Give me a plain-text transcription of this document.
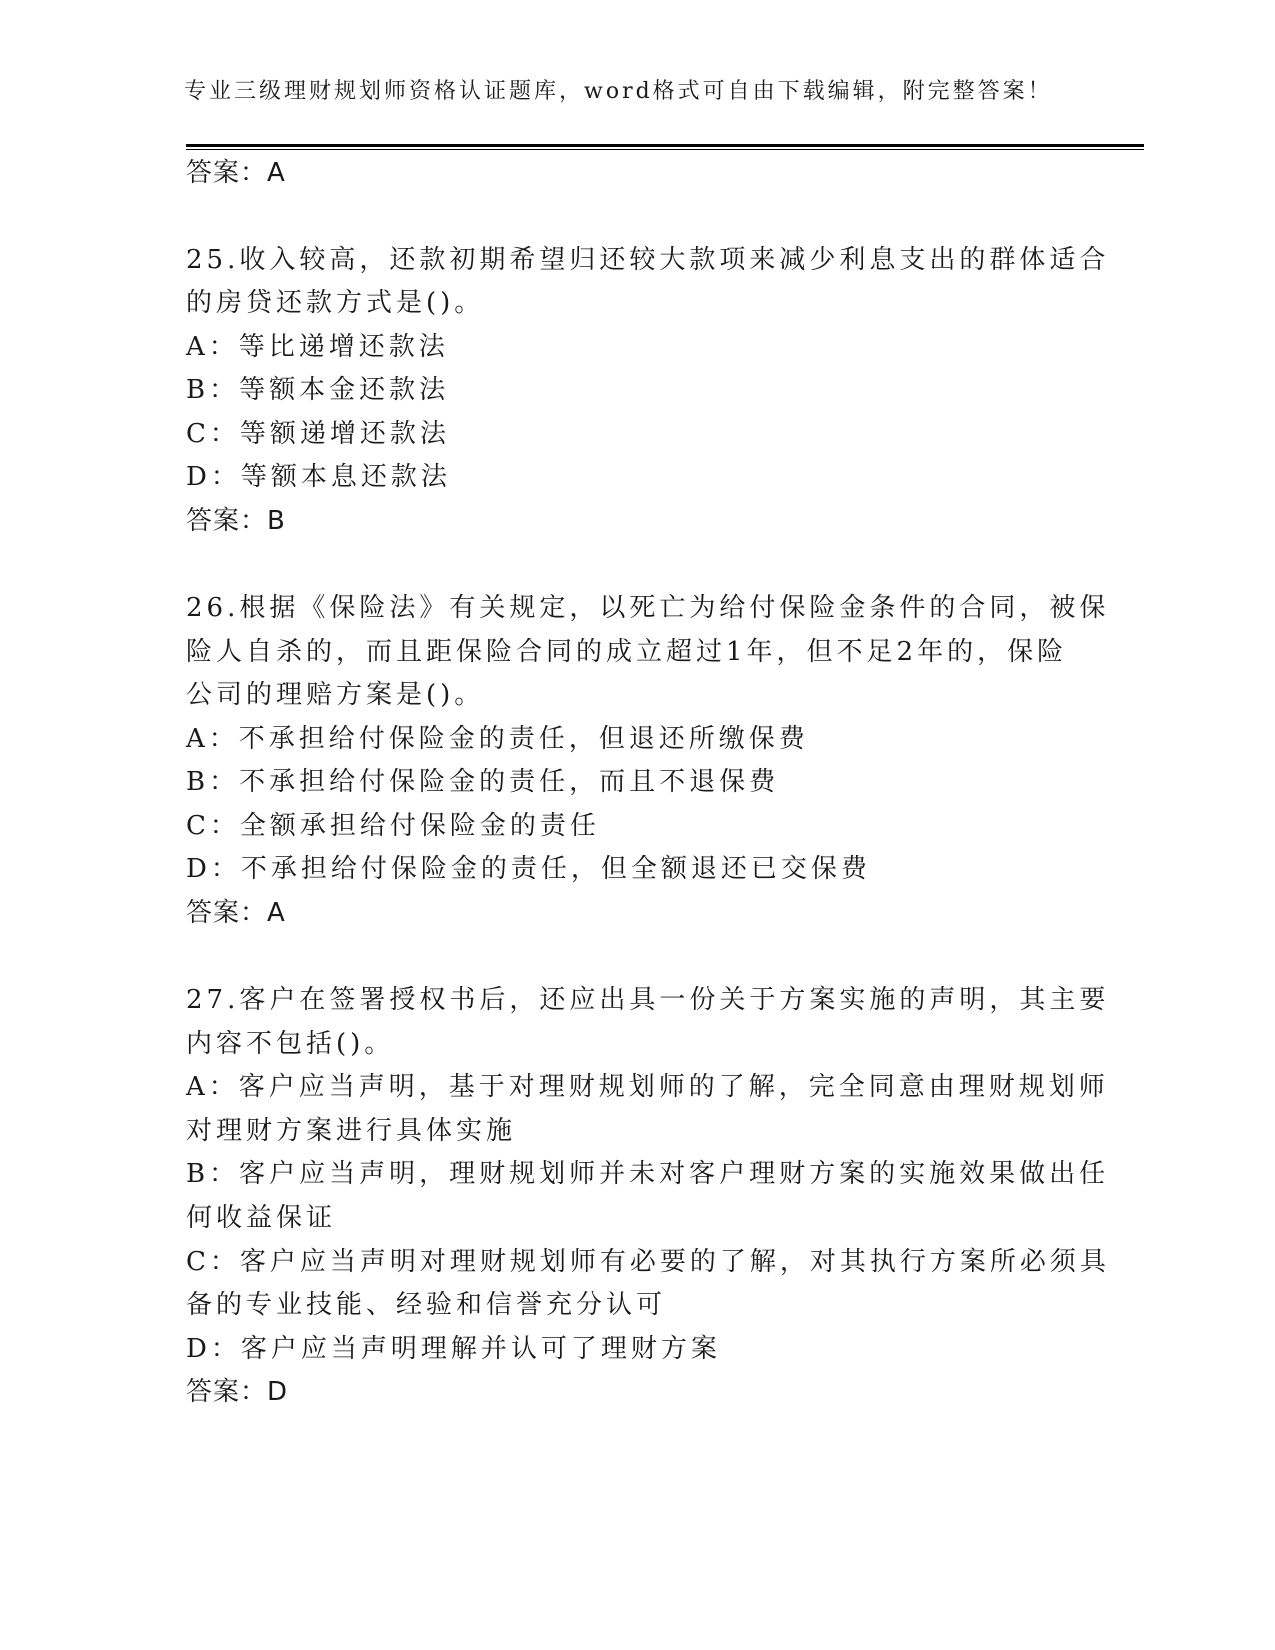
专业三级理财规划师资格认证题库，word格式可自由下载编辑，附完整答案！
答案：A
25.收入较高，还款初期希望归还较大款项来减少利息支出的群体适合
的房贷还款方式是()。
A：等比递增还款法
B：等额本金还款法
C：等额递增还款法
D：等额本息还款法
答案：B
26.根据《保险法》有关规定，以死亡为给付保险金条件的合同，被保
险人自杀的，而且距保险合同的成立超过1年，但不足2年的，保险
公司的理赔方案是()。
A：不承担给付保险金的责任，但退还所缴保费
B：不承担给付保险金的责任，而且不退保费
C：全额承担给付保险金的责任
D：不承担给付保险金的责任，但全额退还已交保费
答案：A
27.客户在签署授权书后，还应出具一份关于方案实施的声明，其主要
内容不包括()。
A：客户应当声明，基于对理财规划师的了解，完全同意由理财规划师
对理财方案进行具体实施
B：客户应当声明，理财规划师并未对客户理财方案的实施效果做出任
何收益保证
C：客户应当声明对理财规划师有必要的了解，对其执行方案所必须具
备的专业技能、经验和信誉充分认可
D：客户应当声明理解并认可了理财方案
答案：D
